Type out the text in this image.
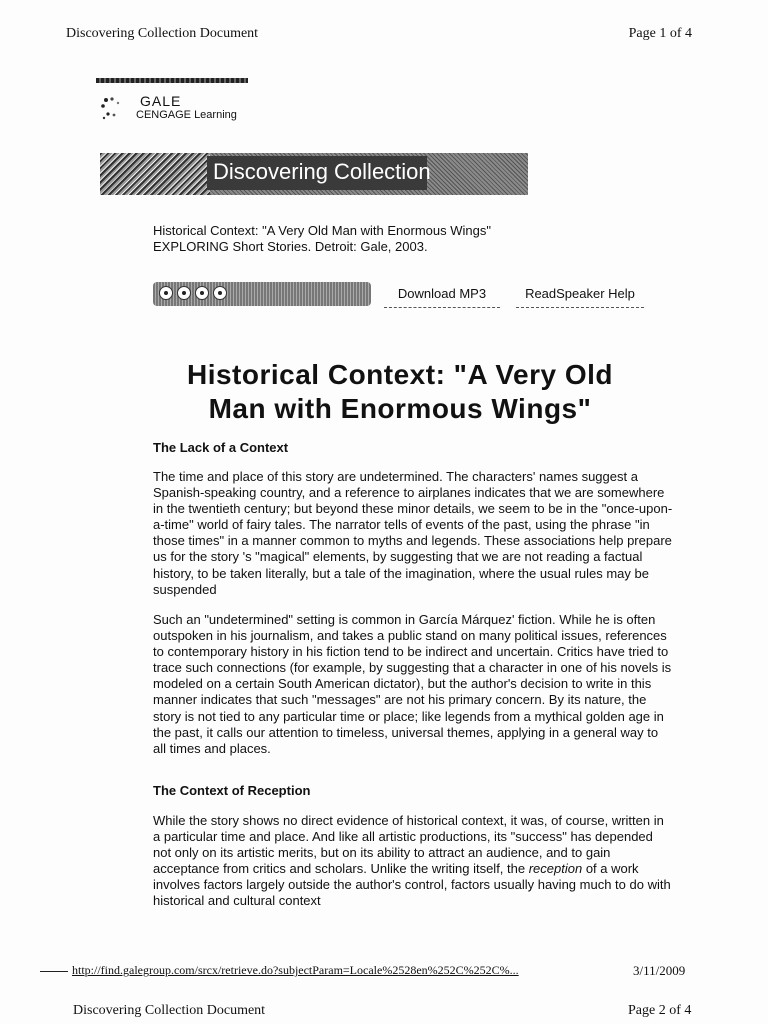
Discovering Collection Document	Page 1 of 4
GALE
CENGAGE Learning
Discovering Collection
Historical Context: "A Very Old Man with Enormous Wings"
EXPLORING Short Stories. Detroit: Gale, 2003.
Download MP3	ReadSpeaker Help
Historical Context: "A Very Old
Man with Enormous Wings"
The Lack of a Context
The time and place of this story are undetermined. The characters' names suggest a Spanish-speaking country, and a reference to airplanes indicates that we are somewhere in the twentieth century; but beyond these minor details, we seem to be in the "once-upon-a-time" world of fairy tales. The narrator tells of events of the past, using the phrase "in those times" in a manner common to myths and legends. These associations help prepare us for the story 's "magical" elements, by suggesting that we are not reading a factual history, to be taken literally, but a tale of the imagination, where the usual rules may be suspended
Such an "undetermined" setting is common in García Márquez' fiction. While he is often outspoken in his journalism, and takes a public stand on many political issues, references to contemporary history in his fiction tend to be indirect and uncertain. Critics have tried to trace such connections (for example, by suggesting that a character in one of his novels is modeled on a certain South American dictator), but the author's decision to write in this manner indicates that such "messages" are not his primary concern. By its nature, the story is not tied to any particular time or place; like legends from a mythical golden age in the past, it calls our attention to timeless, universal themes, applying in a general way to all times and places.
The Context of Reception
While the story shows no direct evidence of historical context, it was, of course, written in a particular time and place. And like all artistic productions, its "success" has depended not only on its artistic merits, but on its ability to attract an audience, and to gain acceptance from critics and scholars. Unlike the writing itself, the reception of a work involves factors largely outside the author's control, factors usually having much to do with historical and cultural context
http://find.galegroup.com/srcx/retrieve.do?subjectParam=Locale%2528en%252C%252C%...	3/11/2009
Discovering Collection Document	Page 2 of 4
